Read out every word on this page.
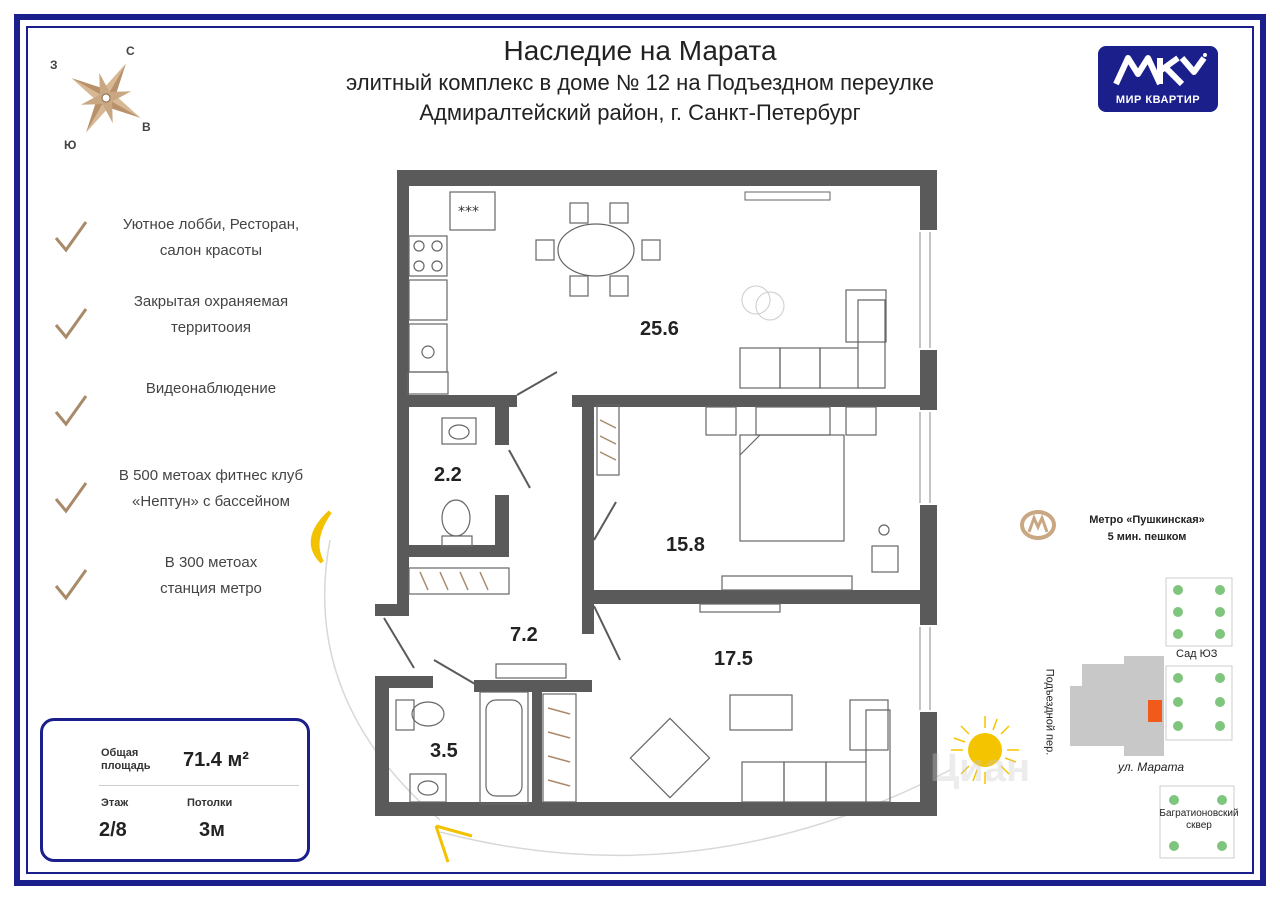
Наследие на Марата
элитный комплекс в доме № 12 на Подъездном переулке
Адмиралтейский район, г. Санкт-Петербург	МИР КВАРТИР
С
З
Ю
В
Уютное лобби, Ресторан,
салон красоты
Закрытая охраняемая
территооия
Видеонаблюдение
В 500 метоах фитнес клуб
«Нептун» с бассейном
В 300 метоах
станция метро
***
25.6
2.2
15.8
7.2
17.5
3.5
Общая
площадь 71.4 м²
Этаж
2/8
Потолки
3м
Метро «Пушкинская»
5 мин. пешком
Сад ЮЗ
ул. Марата
Подъездной пер.
Багратионовский сквер
Циан
